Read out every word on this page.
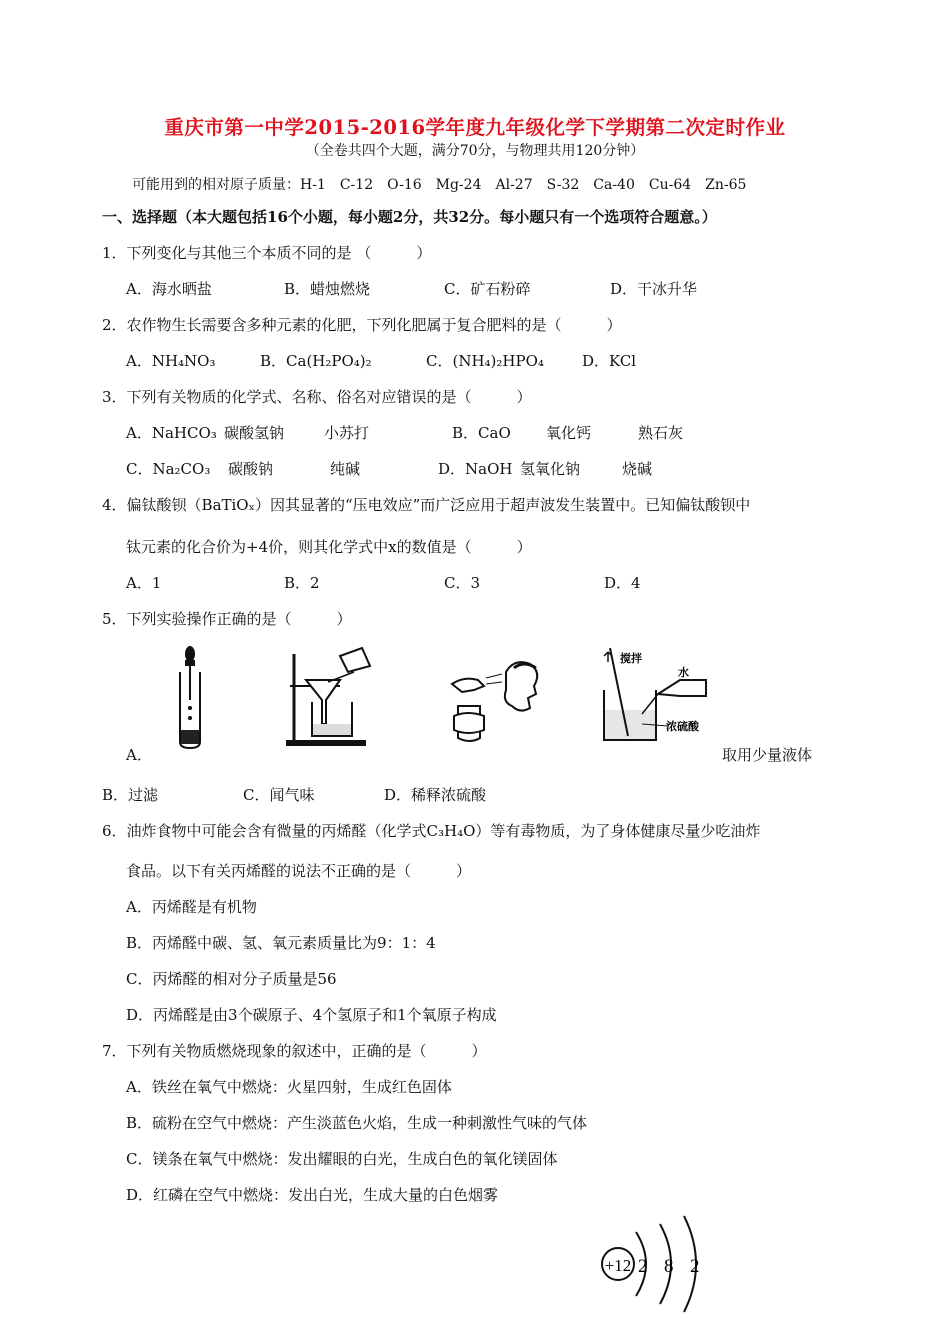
重庆市第一中学2015-2016学年度九年级化学下学期第二次定时作业
（全卷共四个大题，满分70分，与物理共用120分钟）
可能用到的相对原子质量：H-1　C-12　O-16　Mg-24　Al-27　S-32　Ca-40　Cu-64　Zn-65
一、选择题（本大题包括16个小题，每小题2分，共32分。每小题只有一个选项符合题意。）
1．下列变化与其他三个本质不同的是 （　　　）
A．海水晒盐	B．蜡烛燃烧	C．矿石粉碎	D．干冰升华
2．农作物生长需要含多种元素的化肥，下列化肥属于复合肥料的是（　　　）
A．NH₄NO₃	B．Ca(H₂PO₄)₂	C．(NH₄)₂HPO₄	D．KCl
3．下列有关物质的化学式、名称、俗名对应错误的是（　　　）
A．NaHCO₃ 碳酸氢钠	小苏打	B．CaO 氧化钙	熟石灰
C．Na₂CO₃ 碳酸钠	纯碱	D．NaOH 氢氧化钠	烧碱
4．偏钛酸钡（BaTiOₓ）因其显著的“压电效应”而广泛应用于超声波发生装置中。已知偏钛酸钡中
钛元素的化合价为+4价，则其化学式中x的数值是（　　　）
A．1	B．2	C．3	D．4
5．下列实验操作正确的是（　　　）
搅拌
水
浓硫酸
A．	取用少量液体
B．过滤	C．闻气味	D．稀释浓硫酸
6．油炸食物中可能会含有微量的丙烯醛（化学式C₃H₄O）等有毒物质，为了身体健康尽量少吃油炸
食品。以下有关丙烯醛的说法不正确的是（　　　）
A．丙烯醛是有机物
B．丙烯醛中碳、氢、氧元素质量比为9：1：4
C．丙烯醛的相对分子质量是56
D．丙烯醛是由3个碳原子、4个氢原子和1个氧原子构成
7．下列有关物质燃烧现象的叙述中，正确的是（　　　）
A．铁丝在氧气中燃烧：火星四射，生成红色固体
B．硫粉在空气中燃烧：产生淡蓝色火焰，生成一种刺激性气味的气体
C．镁条在氧气中燃烧：发出耀眼的白光，生成白色的氧化镁固体
D．红磷在空气中燃烧：发出白光，生成大量的白色烟雾
+12 2 8 2
